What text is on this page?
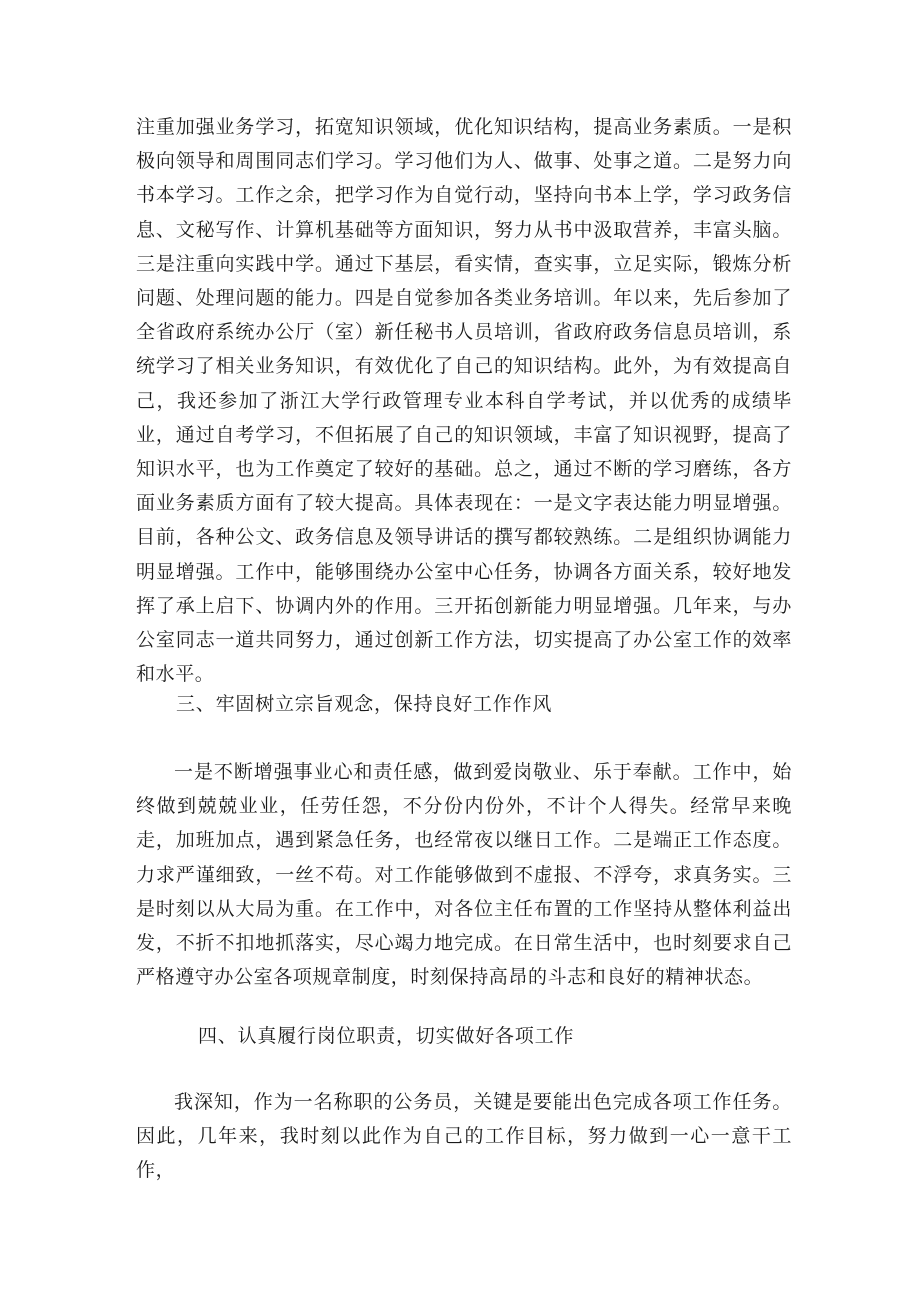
注重加强业务学习，拓宽知识领域，优化知识结构，提高业务素质。一是积极向领导和周围同志们学习。学习他们为人、做事、处事之道。二是努力向书本学习。工作之余，把学习作为自觉行动，坚持向书本上学，学习政务信息、文秘写作、计算机基础等方面知识，努力从书中汲取营养，丰富头脑。三是注重向实践中学。通过下基层，看实情，查实事，立足实际，锻炼分析问题、处理问题的能力。四是自觉参加各类业务培训。年以来，先后参加了全省政府系统办公厅（室）新任秘书人员培训，省政府政务信息员培训，系统学习了相关业务知识，有效优化了自己的知识结构。此外，为有效提高自己，我还参加了浙江大学行政管理专业本科自学考试，并以优秀的成绩毕业，通过自考学习，不但拓展了自己的知识领域，丰富了知识视野，提高了知识水平，也为工作奠定了较好的基础。总之，通过不断的学习磨练，各方面业务素质方面有了较大提高。具体表现在：一是文字表达能力明显增强。目前，各种公文、政务信息及领导讲话的撰写都较熟练。二是组织协调能力明显增强。工作中，能够围绕办公室中心任务，协调各方面关系，较好地发挥了承上启下、协调内外的作用。三开拓创新能力明显增强。几年来，与办公室同志一道共同努力，通过创新工作方法，切实提高了办公室工作的效率和水平。
三、牢固树立宗旨观念，保持良好工作作风
一是不断增强事业心和责任感，做到爱岗敬业、乐于奉献。工作中，始终做到兢兢业业，任劳任怨，不分份内份外，不计个人得失。经常早来晚走，加班加点，遇到紧急任务，也经常夜以继日工作。二是端正工作态度。力求严谨细致，一丝不苟。对工作能够做到不虚报、不浮夸，求真务实。三是时刻以从大局为重。在工作中，对各位主任布置的工作坚持从整体利益出发，不折不扣地抓落实，尽心竭力地完成。在日常生活中，也时刻要求自己严格遵守办公室各项规章制度，时刻保持高昂的斗志和良好的精神状态。
四、认真履行岗位职责，切实做好各项工作
我深知，作为一名称职的公务员，关键是要能出色完成各项工作任务。因此，几年来，我时刻以此作为自己的工作目标，努力做到一心一意干工作，
